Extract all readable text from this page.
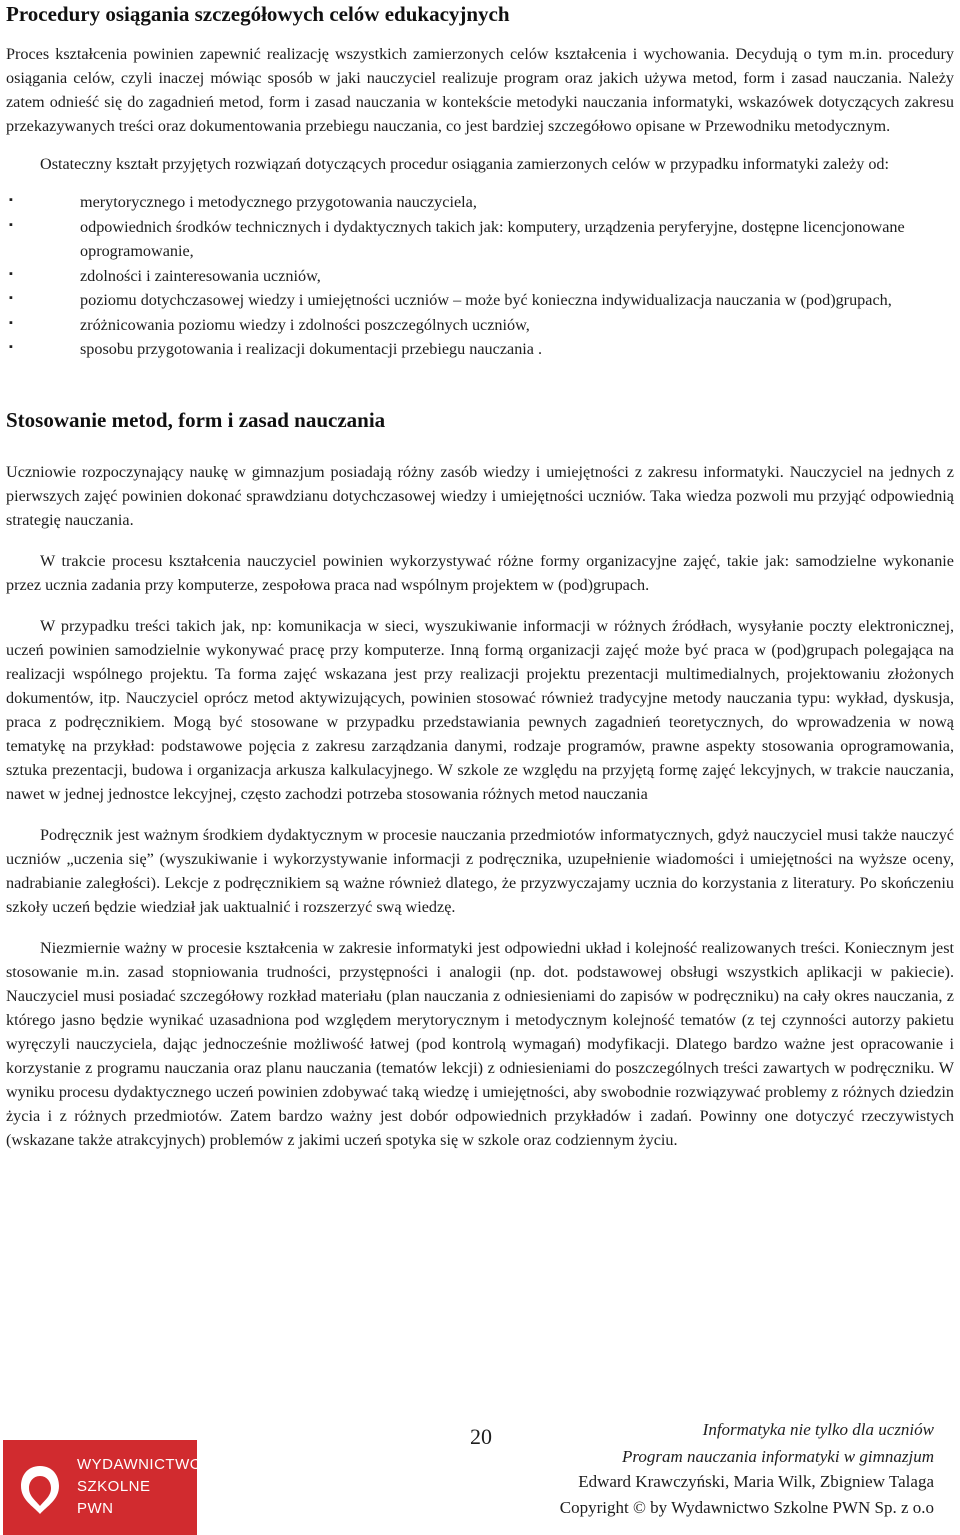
Procedury osiągania szczegółowych celów edukacyjnych

Proces kształcenia powinien zapewnić realizację wszystkich zamierzonych celów kształcenia i wychowania. Decydują o tym m.in. procedury osiągania celów, czyli inaczej mówiąc sposób w jaki nauczyciel realizuje program oraz jakich używa metod, form i zasad nauczania. Należy zatem odnieść się do zagadnień metod, form i zasad nauczania w kontekście metodyki nauczania informatyki, wskazówek dotyczących zakresu przekazywanych treści oraz dokumentowania przebiegu nauczania, co jest bardziej szczegółowo opisane w Przewodniku metodycznym.

Ostateczny kształt przyjętych rozwiązań dotyczących procedur osiągania zamierzonych celów w przypadku informatyki zależy od:

▪	merytorycznego i metodycznego przygotowania nauczyciela,
▪	odpowiednich środków technicznych i dydaktycznych takich jak: komputery, urządzenia peryferyjne, dostępne licencjonowane oprogramowanie,
▪	zdolności i zainteresowania uczniów,
▪	poziomu dotychczasowej wiedzy i umiejętności uczniów – może być konieczna indywidualizacja nauczania w (pod)grupach,
▪	zróżnicowania poziomu wiedzy i zdolności poszczególnych uczniów,
▪	sposobu przygotowania i realizacji dokumentacji przebiegu nauczania .
Stosowanie metod, form i zasad nauczania

Uczniowie rozpoczynający naukę w gimnazjum posiadają różny zasób wiedzy i umiejętności z zakresu informatyki. Nauczyciel na jednych z pierwszych zajęć powinien dokonać sprawdzianu dotychczasowej wiedzy i umiejętności uczniów. Taka wiedza pozwoli mu przyjąć odpowiednią strategię nauczania.

W trakcie procesu kształcenia nauczyciel powinien wykorzystywać różne formy organizacyjne zajęć, takie jak: samodzielne wykonanie przez ucznia zadania przy komputerze, zespołowa praca nad wspólnym projektem w (pod)grupach.

W przypadku treści takich jak, np: komunikacja w sieci, wyszukiwanie informacji w różnych źródłach, wysyłanie poczty elektronicznej, uczeń powinien samodzielnie wykonywać pracę przy komputerze. Inną formą organizacji zajęć może być praca w (pod)grupach polegająca na realizacji wspólnego projektu. Ta forma zajęć wskazana jest przy realizacji projektu prezentacji multimedialnych, projektowaniu złożonych dokumentów, itp. Nauczyciel oprócz metod aktywizujących, powinien stosować również tradycyjne metody nauczania typu: wykład, dyskusja, praca z podręcznikiem. Mogą być stosowane w przypadku przedstawiania pewnych zagadnień teoretycznych, do wprowadzenia w nową tematykę na przykład: podstawowe pojęcia z zakresu zarządzania danymi, rodzaje programów, prawne aspekty stosowania oprogramowania, sztuka prezentacji, budowa i organizacja arkusza kalkulacyjnego. W szkole ze względu na przyjętą formę zajęć lekcyjnych, w trakcie nauczania, nawet w jednej jednostce lekcyjnej, często zachodzi potrzeba stosowania różnych metod nauczania

Podręcznik jest ważnym środkiem dydaktycznym w procesie nauczania przedmiotów informatycznych, gdyż nauczyciel musi także nauczyć uczniów „uczenia się” (wyszukiwanie i wykorzystywanie informacji z podręcznika, uzupełnienie wiadomości i umiejętności na wyższe oceny, nadrabianie zaległości). Lekcje z podręcznikiem są ważne również dlatego, że przyzwyczajamy ucznia do korzystania z literatury. Po skończeniu szkoły uczeń będzie wiedział jak uaktualnić i rozszerzyć swą wiedzę.

Niezmiernie ważny w procesie kształcenia w zakresie informatyki jest odpowiedni układ i kolejność realizowanych treści. Koniecznym jest stosowanie m.in. zasad stopniowania trudności, przystępności i analogii (np. dot. podstawowej obsługi wszystkich aplikacji w pakiecie). Nauczyciel musi posiadać szczegółowy rozkład materiału (plan nauczania z odniesieniami do zapisów w podręczniku) na cały okres nauczania, z którego jasno będzie wynikać uzasadniona pod względem merytorycznym i metodycznym kolejność tematów (z tej czynności autorzy pakietu wyręczyli nauczyciela, dając jednocześnie możliwość łatwej (pod kontrolą wymagań) modyfikacji. Dlatego bardzo ważne jest opracowanie i korzystanie z programu nauczania oraz planu nauczania (tematów lekcji) z odniesieniami do poszczególnych treści zawartych w podręczniku. W wyniku procesu dydaktycznego uczeń powinien zdobywać taką wiedzę i umiejętności, aby swobodnie rozwiązywać problemy z różnych dziedzin życia i z różnych przedmiotów. Zatem bardzo ważny jest dobór odpowiednich przykładów i zadań. Powinny one dotyczyć rzeczywistych (wskazane także atrakcyjnych) problemów z jakimi uczeń spotyka się w szkole oraz codziennym życiu.

WYDAWNICTWO
SZKOLNE
PWN
20	Informatyka nie tylko dla uczniów
Program nauczania informatyki w gimnazjum
Edward Krawczyński, Maria Wilk, Zbigniew Talaga
Copyright © by Wydawnictwo Szkolne PWN Sp. z o.o
